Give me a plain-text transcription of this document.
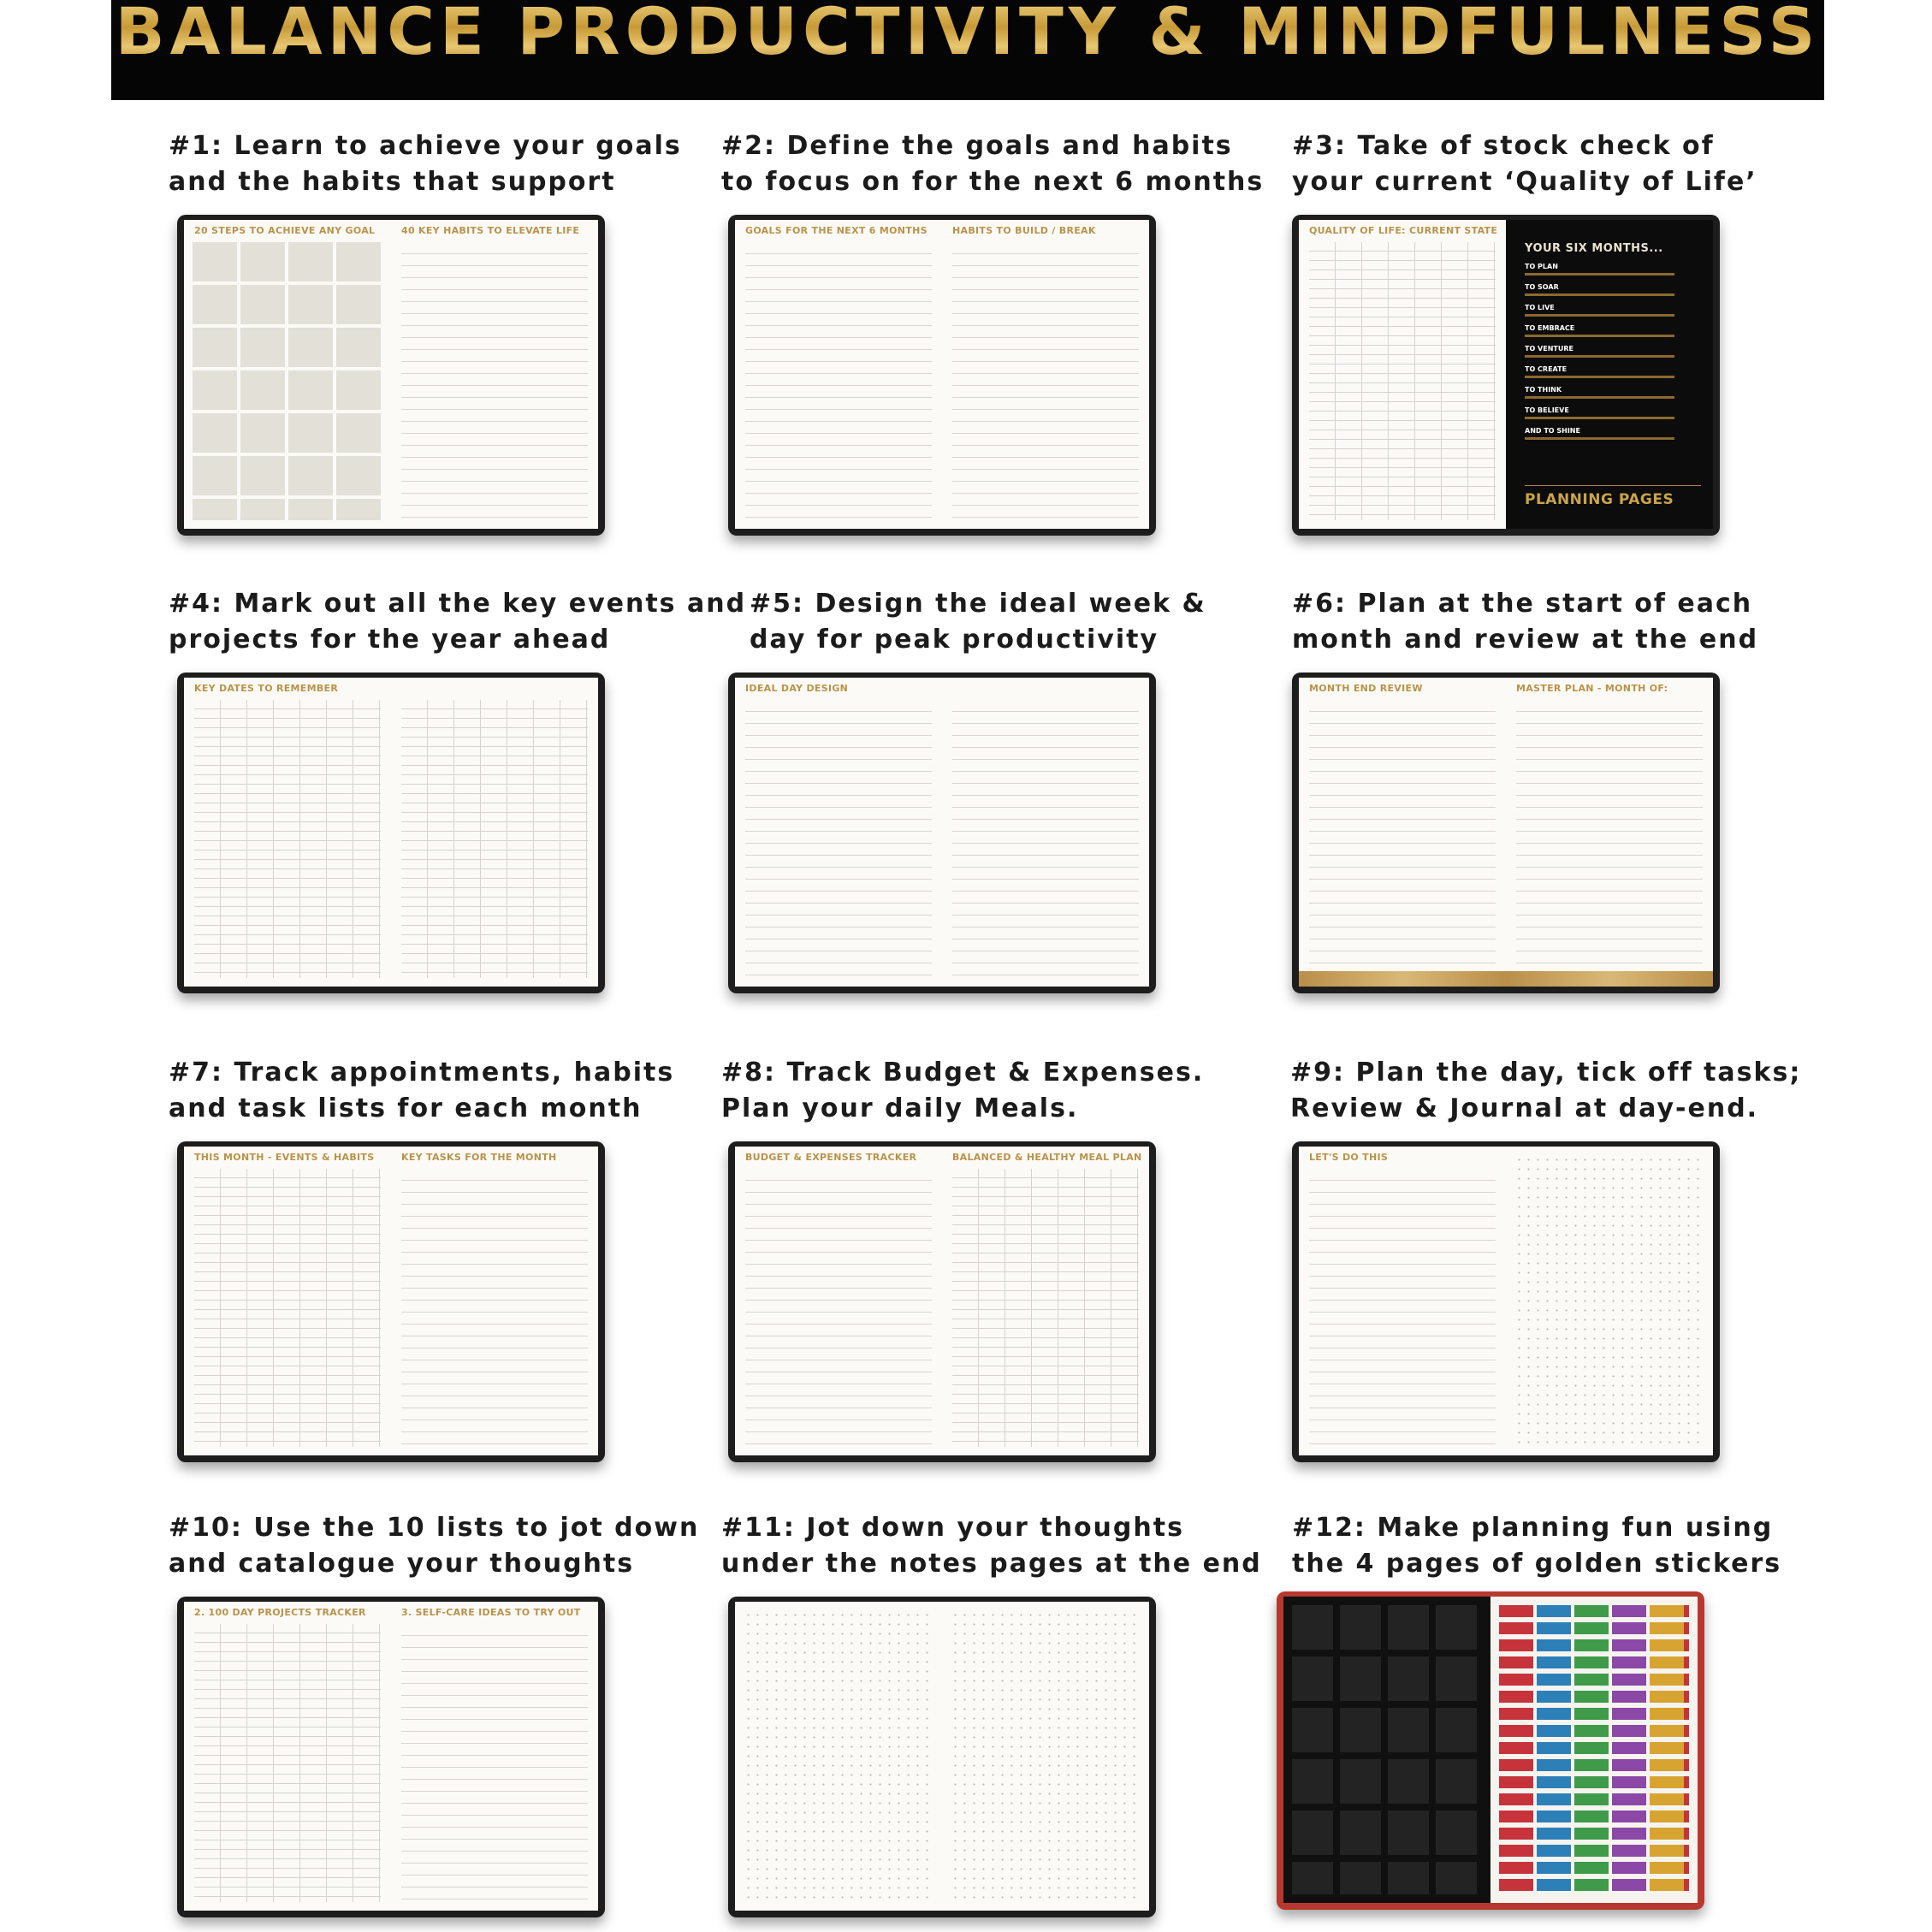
BALANCE PRODUCTIVITY & MINDFULNESS
#1: Learn to achieve your goals
and the habits that support
20 STEPS TO ACHIEVE ANY GOAL	40 KEY HABITS TO ELEVATE LIFE
#2: Define the goals and habits
to focus on for the next 6 months
GOALS FOR THE NEXT 6 MONTHS	HABITS TO BUILD / BREAK
#3: Take of stock check of
your current ‘Quality of Life’
QUALITY OF LIFE: CURRENT STATE
YOUR SIX MONTHS...
TO PLAN
TO SOAR
TO LIVE
TO EMBRACE
TO VENTURE
TO CREATE
TO THINK
TO BELIEVE
AND TO SHINE
PLANNING PAGES
#4: Mark out all the key events and
projects for the year ahead
KEY DATES TO REMEMBER
#5: Design the ideal week &
day for peak productivity
IDEAL DAY DESIGN
#6: Plan at the start of each
month and review at the end
MONTH END REVIEW	MASTER PLAN - MONTH OF:
#7: Track appointments, habits
and task lists for each month
THIS MONTH - EVENTS & HABITS	KEY TASKS FOR THE MONTH
#8: Track Budget & Expenses.
Plan your daily Meals.
BUDGET & EXPENSES TRACKER	BALANCED & HEALTHY MEAL PLAN
#9: Plan the day, tick off tasks;
Review & Journal at day-end.
LET'S DO THIS
#10: Use the 10 lists to jot down
and catalogue your thoughts
2. 100 DAY PROJECTS TRACKER	3. SELF-CARE IDEAS TO TRY OUT
#11: Jot down your thoughts
under the notes pages at the end
#12: Make planning fun using
the 4 pages of golden stickers
